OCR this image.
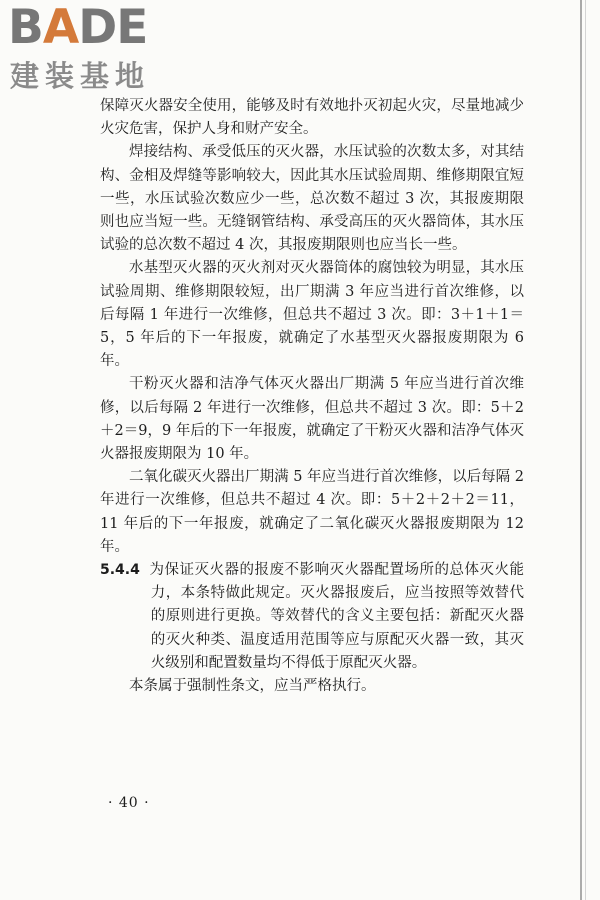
BADE
建装基地

保障灭火器安全使用，能够及时有效地扑灭初起火灾，尽量地减少火灾危害，保护人身和财产安全。

焊接结构、承受低压的灭火器，水压试验的次数太多，对其结构、金相及焊缝等影响较大，因此其水压试验周期、维修期限宜短一些，水压试验次数应少一些，总次数不超过 3 次，其报废期限则也应当短一些。无缝钢管结构、承受高压的灭火器筒体，其水压试验的总次数不超过 4 次，其报废期限则也应当长一些。

水基型灭火器的灭火剂对灭火器筒体的腐蚀较为明显，其水压试验周期、维修期限较短，出厂期满 3 年应当进行首次维修，以后每隔 1 年进行一次维修，但总共不超过 3 次。即：3＋1＋1＝5，5 年后的下一年报废，就确定了水基型灭火器报废期限为 6 年。

干粉灭火器和洁净气体灭火器出厂期满 5 年应当进行首次维修，以后每隔 2 年进行一次维修，但总共不超过 3 次。即：5＋2＋2＝9，9 年后的下一年报废，就确定了干粉灭火器和洁净气体灭火器报废期限为 10 年。

二氧化碳灭火器出厂期满 5 年应当进行首次维修，以后每隔 2 年进行一次维修，但总共不超过 4 次。即：5＋2＋2＋2＝11，11 年后的下一年报废，就确定了二氧化碳灭火器报废期限为 12 年。

5.4.4 为保证灭火器的报废不影响灭火器配置场所的总体灭火能力，本条特做此规定。灭火器报废后，应当按照等效替代的原则进行更换。等效替代的含义主要包括：新配灭火器的灭火种类、温度适用范围等应与原配灭火器一致，其灭火级别和配置数量均不得低于原配灭火器。

本条属于强制性条文，应当严格执行。

· 40 ·
